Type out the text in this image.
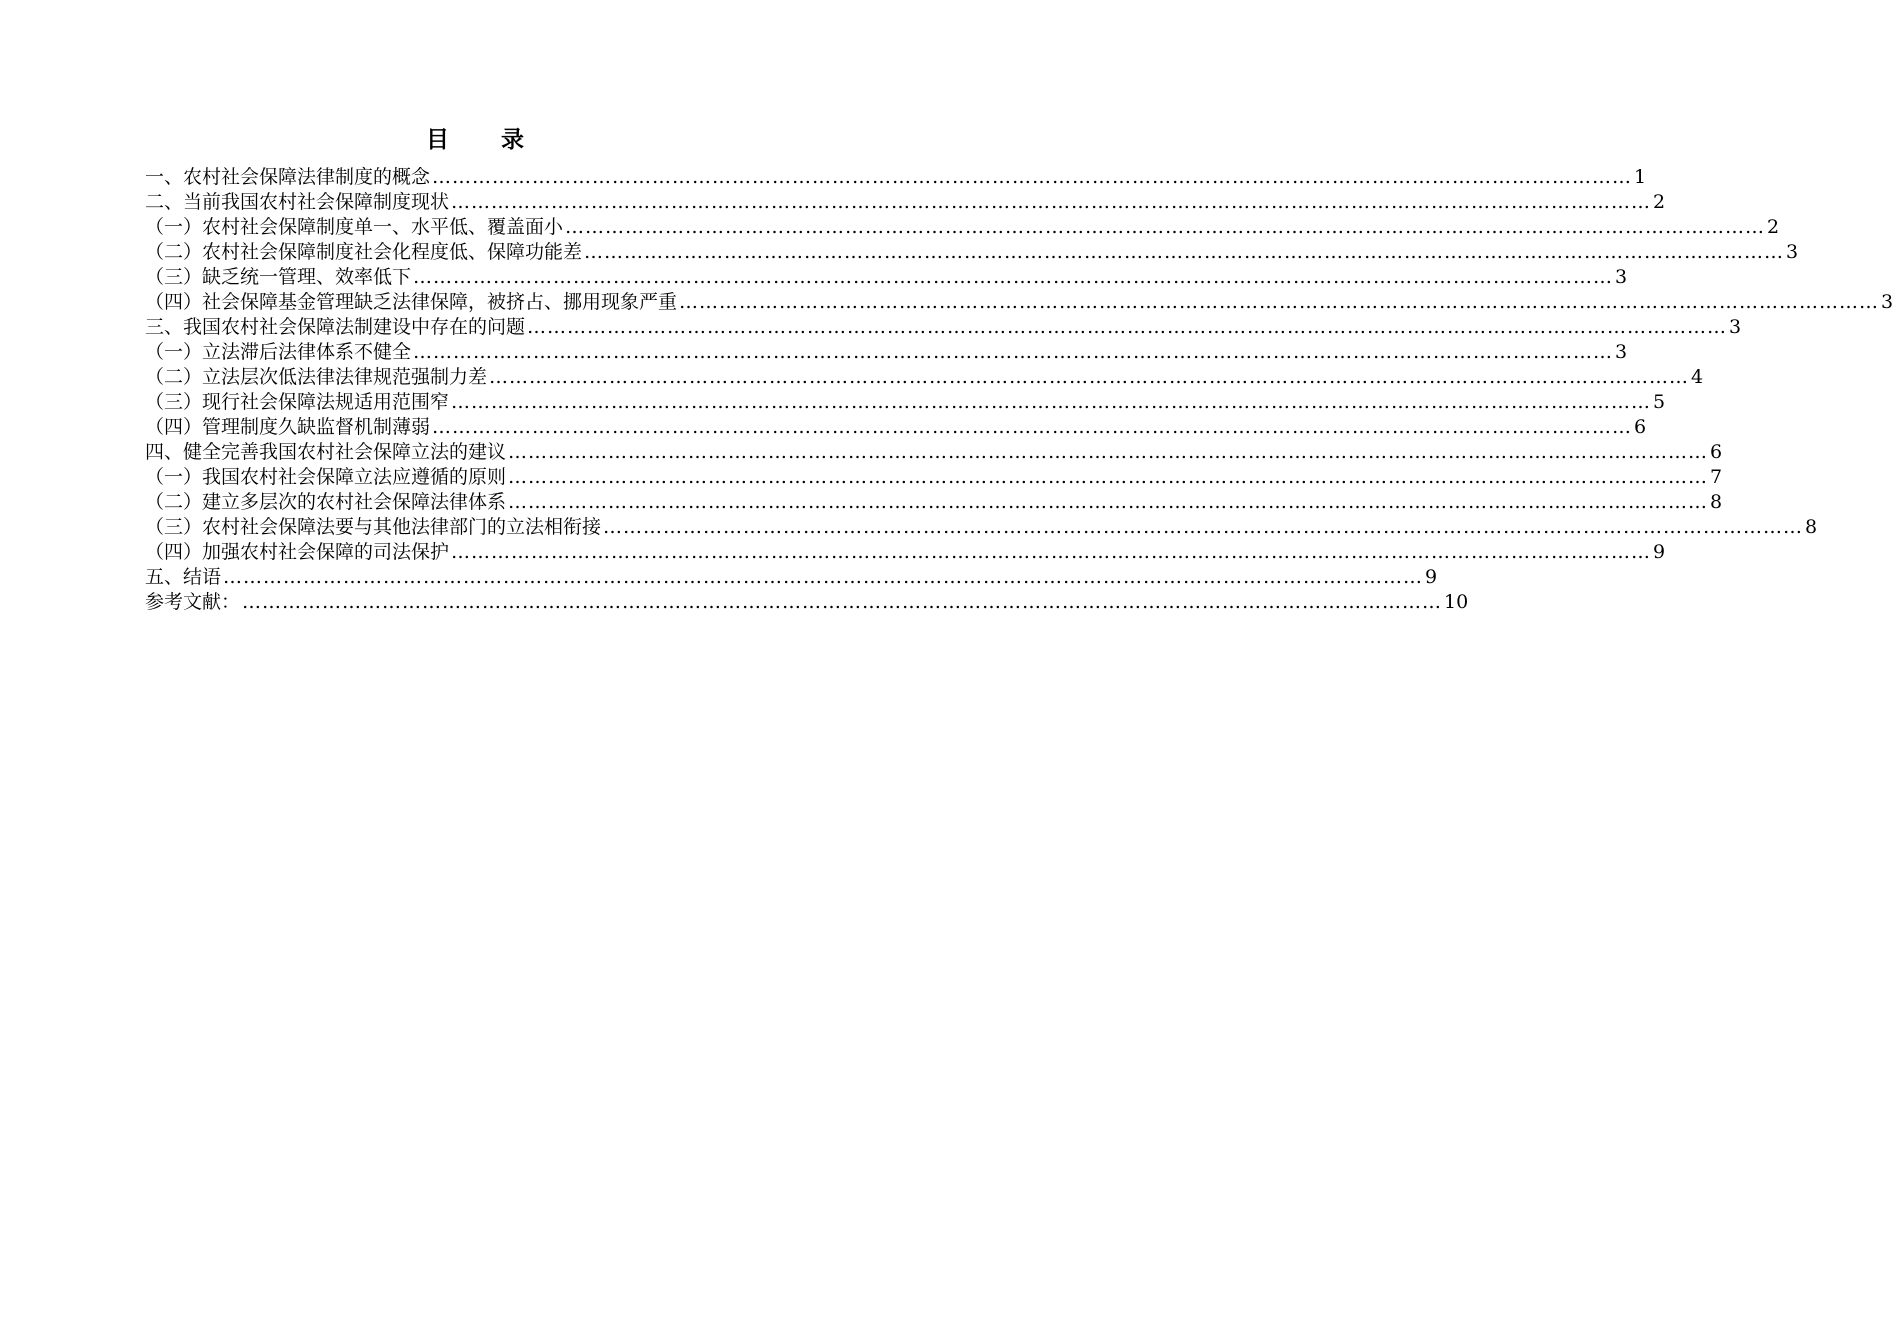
目 录
一、农村社会保障法律制度的概念 ……………………………………………………………………………………………………………………………………………………………… 1
二、当前我国农村社会保障制度现状 ……………………………………………………………………………………………………………………………………………………………… 2
（一）农村社会保障制度单一、水平低、覆盖面小 ……………………………………………………………………………………………………………………………………………………………… 2
（二）农村社会保障制度社会化程度低、保障功能差 ……………………………………………………………………………………………………………………………………………………………… 3
（三）缺乏统一管理、效率低下 ……………………………………………………………………………………………………………………………………………………………… 3
（四）社会保障基金管理缺乏法律保障，被挤占、挪用现象严重 ……………………………………………………………………………………………………………………………………………………………… 3
三、我国农村社会保障法制建设中存在的问题 ……………………………………………………………………………………………………………………………………………………………… 3
（一）立法滞后法律体系不健全 ……………………………………………………………………………………………………………………………………………………………… 3
（二）立法层次低法律法律规范强制力差 ……………………………………………………………………………………………………………………………………………………………… 4
（三）现行社会保障法规适用范围窄 ……………………………………………………………………………………………………………………………………………………………… 5
（四）管理制度久缺监督机制薄弱 ……………………………………………………………………………………………………………………………………………………………… 6
四、健全完善我国农村社会保障立法的建议 ……………………………………………………………………………………………………………………………………………………………… 6
（一）我国农村社会保障立法应遵循的原则 ……………………………………………………………………………………………………………………………………………………………… 7
（二）建立多层次的农村社会保障法律体系 ……………………………………………………………………………………………………………………………………………………………… 8
（三）农村社会保障法要与其他法律部门的立法相衔接 ……………………………………………………………………………………………………………………………………………………………… 8
（四）加强农村社会保障的司法保护 ……………………………………………………………………………………………………………………………………………………………… 9
五、结语 ……………………………………………………………………………………………………………………………………………………………… 9
参考文献： ……………………………………………………………………………………………………………………………………………………………… 10
